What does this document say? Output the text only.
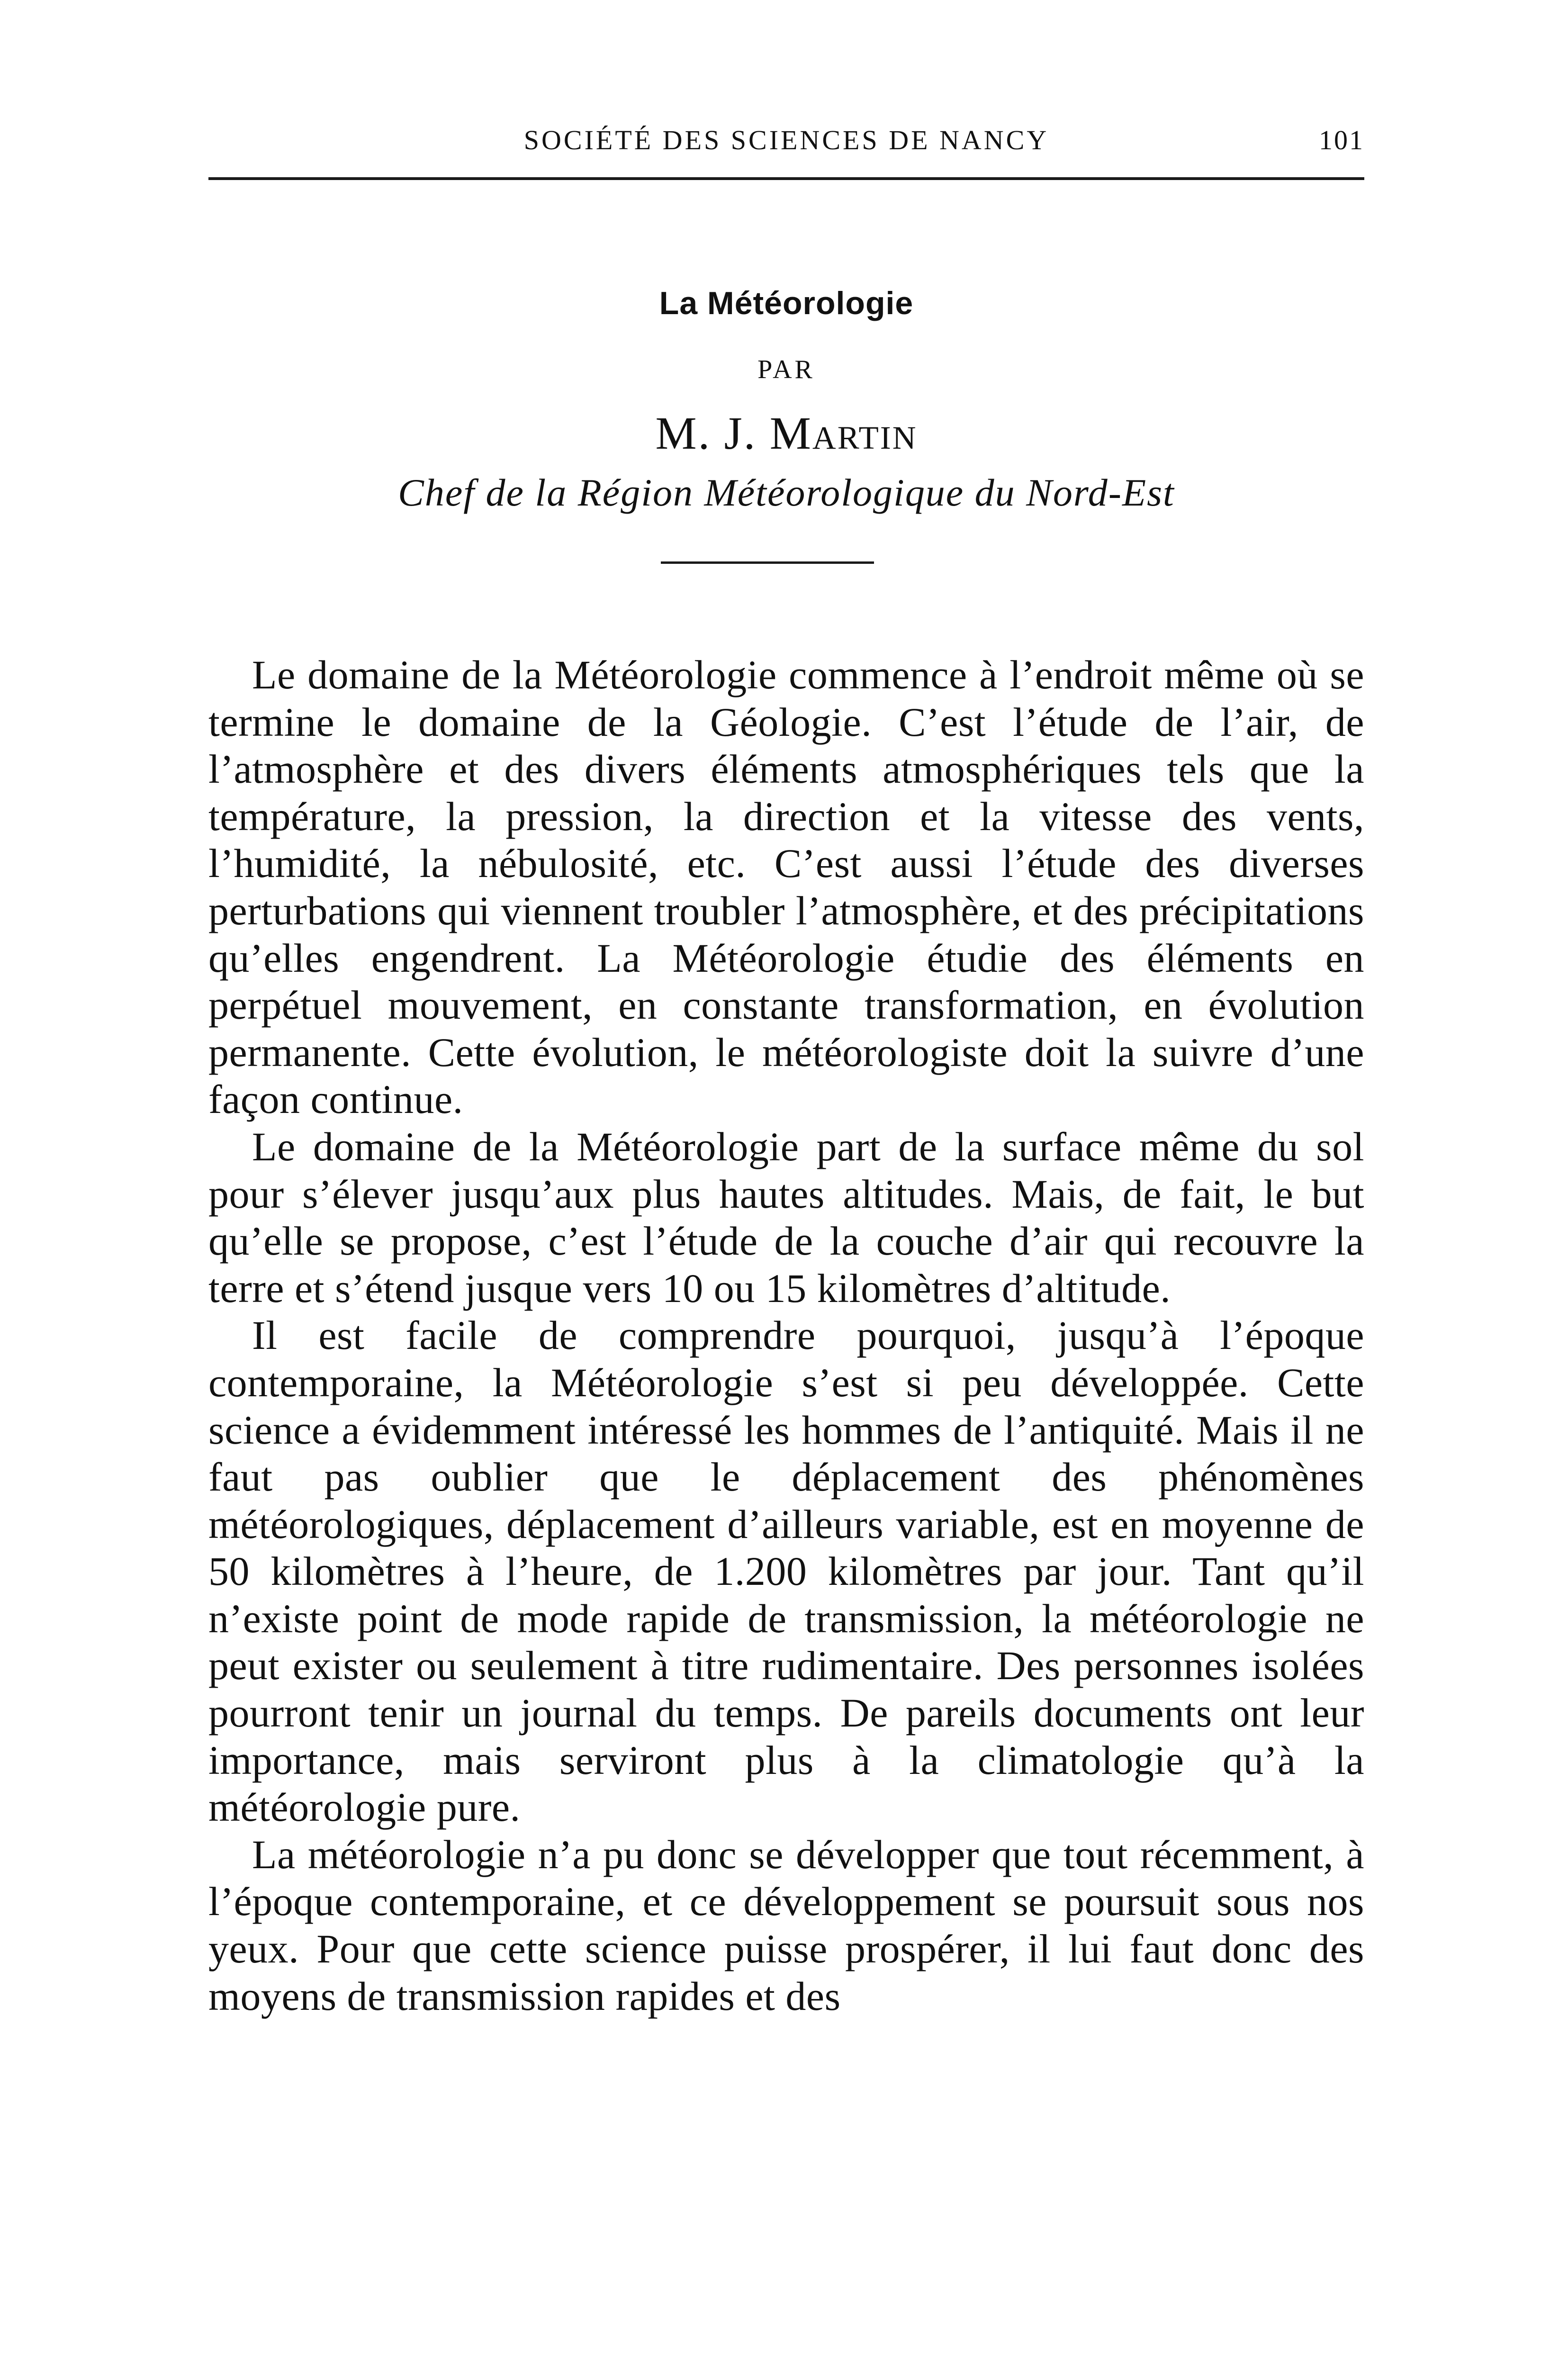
SOCIÉTÉ DES SCIENCES DE NANCY	101
La Météorologie
PAR
M. J. Martin
Chef de la Région Météorologique du Nord-Est

Le domaine de la Météorologie commence à l’endroit même où se termine le domaine de la Géologie. C’est l’étude de l’air, de l’atmosphère et des divers éléments atmosphériques tels que la température, la pression, la direction et la vitesse des vents, l’humidité, la nébulosité, etc. C’est aussi l’étude des diverses perturbations qui viennent troubler l’atmosphère, et des précipitations qu’elles engendrent. La Météorologie étudie des éléments en perpétuel mouvement, en constante transformation, en évolution permanente. Cette évolution, le météorologiste doit la suivre d’une façon continue.

Le domaine de la Météorologie part de la surface même du sol pour s’élever jusqu’aux plus hautes altitudes. Mais, de fait, le but qu’elle se propose, c’est l’étude de la couche d’air qui recouvre la terre et s’étend jusque vers 10 ou 15 kilomètres d’altitude.

Il est facile de comprendre pourquoi, jusqu’à l’époque contemporaine, la Météorologie s’est si peu développée. Cette science a évidemment intéressé les hommes de l’antiquité. Mais il ne faut pas oublier que le déplacement des phénomènes météorologiques, déplacement d’ailleurs variable, est en moyenne de 50 kilomètres à l’heure, de 1.200 kilomètres par jour. Tant qu’il n’existe point de mode rapide de transmission, la météorologie ne peut exister ou seulement à titre rudimentaire. Des personnes isolées pourront tenir un journal du temps. De pareils documents ont leur importance, mais serviront plus à la climatologie qu’à la météorologie pure.

La météorologie n’a pu donc se développer que tout récemment, à l’époque contemporaine, et ce développement se poursuit sous nos yeux. Pour que cette science puisse prospérer, il lui faut donc des moyens de transmission rapides et des
